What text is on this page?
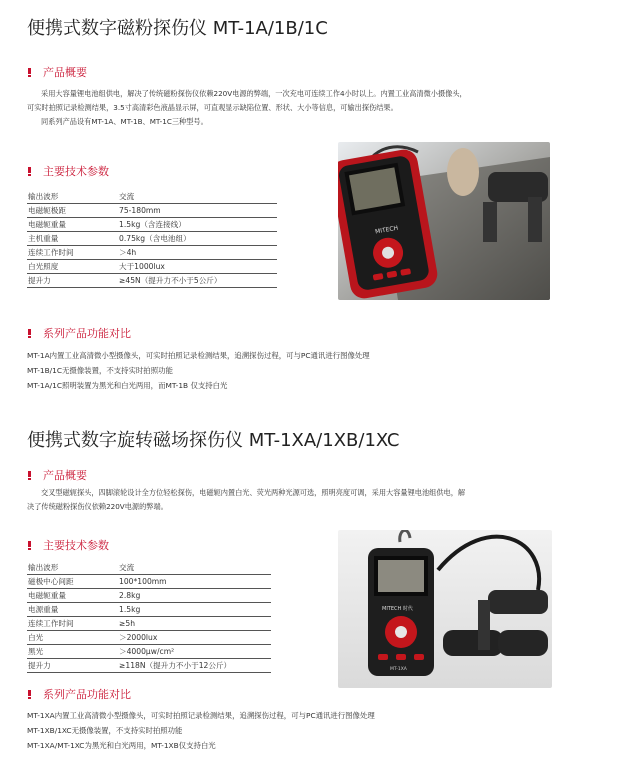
便携式数字磁粉探伤仪 MT-1A/1B/1C
产品概要

采用大容量锂电池组供电，解决了传统磁粉探伤仪依赖220V电源的弊端，一次充电可连续工作4小时以上。内置工业高清微小摄像头，

可实时拍照记录检测结果，3.5寸高清彩色液晶显示屏，可直观显示缺陷位置、形状、大小等信息，可输出探伤结果。

同系列产品设有MT-1A、MT-1B、MT-1C三种型号。

主要技术参数
输出波形	交流
电磁轭极距	75-180mm
电磁轭重量	1.5kg（含连接线）
主机重量	0.75kg（含电池组）
连续工作时间	＞4h
白光照度	大于1000lux
提升力	≥45N（提升力不小于5公斤）
MITECH
系列产品功能对比

MT-1A内置工业高清微小型摄像头，可实时拍照记录检测结果，追溯探伤过程，可与PC通讯进行图像处理

MT-1B/1C无摄像装置，不支持实时拍照功能

MT-1A/1C照明装置为黑光和白光两用，而MT-1B 仅支持白光

便携式数字旋转磁场探伤仪 MT-1XA/1XB/1XC
产品概要

交叉型磁轭探头，四脚滚轮设计全方位轻松探伤，电磁轭内置白光、荧光两种光源可选，照明亮度可调，采用大容量锂电池组供电，解

决了传统磁粉探伤仪依赖220V电源的弊端。

主要技术参数
输出波形	交流
磁极中心间距	100*100mm
电磁轭重量	2.8kg
电源重量	1.5kg
连续工作时间	≥5h
白光	＞2000lux
黑光	＞4000μw/cm²
提升力	≥118N（提升力不小于12公斤）
MITECH 时代
MT-1XA
系列产品功能对比

MT-1XA内置工业高清微小型摄像头，可实时拍照记录检测结果，追溯探伤过程，可与PC通讯进行图像处理

MT-1XB/1XC无摄像装置，不支持实时拍照功能

MT-1XA/MT-1XC为黑光和白光两用，MT-1XB仅支持白光
